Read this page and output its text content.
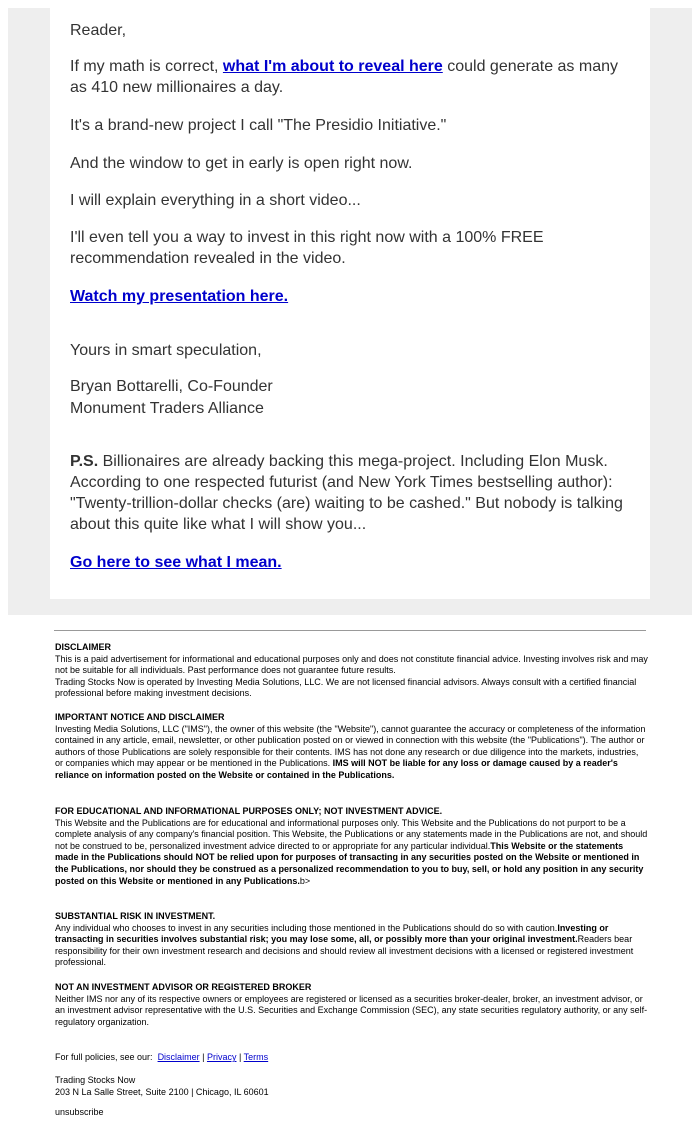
Reader,

If my math is correct, what I'm about to reveal here could generate as many as 410 new millionaires a day.

It's a brand-new project I call "The Presidio Initiative."

And the window to get in early is open right now.

I will explain everything in a short video...

I'll even tell you a way to invest in this right now with a 100% FREE recommendation revealed in the video.

Watch my presentation here.

Yours in smart speculation,

Bryan Bottarelli, Co-Founder

Monument Traders Alliance

P.S. Billionaires are already backing this mega-project. Including Elon Musk. According to one respected futurist (and New York Times bestselling author): "Twenty-trillion-dollar checks (are) waiting to be cashed." But nobody is talking about this quite like what I will show you...

Go here to see what I mean.

DISCLAIMER
This is a paid advertisement for informational and educational purposes only and does not constitute financial advice. Investing involves risk and may not be suitable for all individuals. Past performance does not guarantee future results.
Trading Stocks Now is operated by Investing Media Solutions, LLC. We are not licensed financial advisors. Always consult with a certified financial professional before making investment decisions.
IMPORTANT NOTICE AND DISCLAIMER
Investing Media Solutions, LLC ("IMS"), the owner of this website (the "Website"), cannot guarantee the accuracy or completeness of the information contained in any article, email, newsletter, or other publication posted on or viewed in connection with this website (the "Publications"). The author or authors of those Publications are solely responsible for their contents. IMS has not done any research or due diligence into the markets, industries, or companies which may appear or be mentioned in the Publications. IMS will NOT be liable for any loss or damage caused by a reader's reliance on information posted on the Website or contained in the Publications.
FOR EDUCATIONAL AND INFORMATIONAL PURPOSES ONLY; NOT INVESTMENT ADVICE.
This Website and the Publications are for educational and informational purposes only. This Website and the Publications do not purport to be a complete analysis of any company's financial position. This Website, the Publications or any statements made in the Publications are not, and should not be construed to be, personalized investment advice directed to or appropriate for any particular individual.This Website or the statements made in the Publications should NOT be relied upon for purposes of transacting in any securities posted on the Website or mentioned in the Publications, nor should they be construed as a personalized recommendation to you to buy, sell, or hold any position in any security posted on this Website or mentioned in any Publications.b>
SUBSTANTIAL RISK IN INVESTMENT.
Any individual who chooses to invest in any securities including those mentioned in the Publications should do so with caution.Investing or transacting in securities involves substantial risk; you may lose some, all, or possibly more than your original investment.Readers bear responsibility for their own investment research and decisions and should review all investment decisions with a licensed or registered investment professional.
NOT AN INVESTMENT ADVISOR OR REGISTERED BROKER
Neither IMS nor any of its respective owners or employees are registered or licensed as a securities broker-dealer, broker, an investment advisor, or an investment advisor representative with the U.S. Securities and Exchange Commission (SEC), any state securities regulatory authority, or any self-regulatory organization.
For full policies, see our: Disclaimer | Privacy | Terms
Trading Stocks Now
203 N La Salle Street, Suite 2100 | Chicago, IL 60601
unsubscribe
